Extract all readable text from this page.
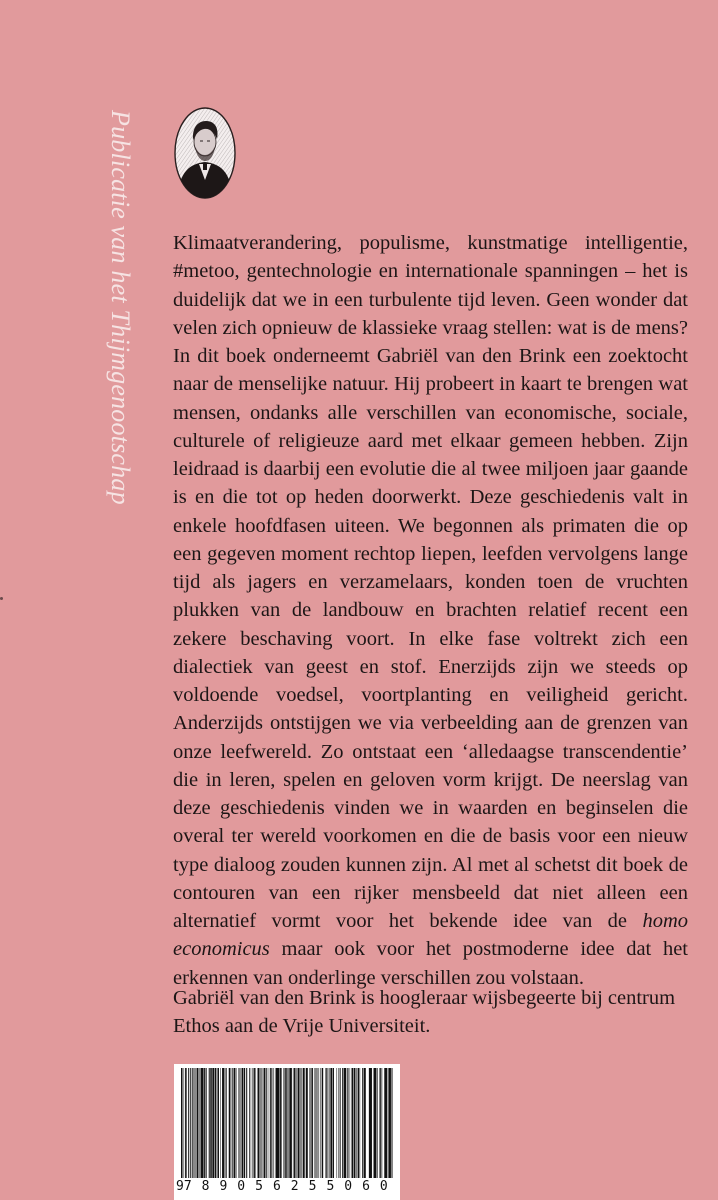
Publicatie van het Thijmgenootschap Klimaatverandering, populisme, kunstmatige intelligentie, #metoo, gentechnologie en internationale spanningen – het is duidelijk dat we in een turbulente tijd leven. Geen wonder dat velen zich opnieuw de klassieke vraag stellen: wat is de mens? In dit boek onderneemt Gabriël van den Brink een zoektocht naar de menselijke natuur. Hij probeert in kaart te brengen wat mensen, ondanks alle verschillen van economische, sociale, culturele of religieuze aard met elkaar gemeen hebben. Zijn leidraad is daarbij een evolutie die al twee miljoen jaar gaande is en die tot op heden doorwerkt. Deze geschiedenis valt in enkele hoofdfasen uiteen. We begonnen als primaten die op een gegeven moment rechtop liepen, leefden vervolgens lange tijd als jagers en verzamelaars, konden toen de vruchten plukken van de landbouw en brachten relatief recent een zekere beschaving voort. In elke fase voltrekt zich een dialectiek van geest en stof. Enerzijds zijn we steeds op voldoende voedsel, voortplanting en veiligheid gericht. Anderzijds ontstijgen we via verbeelding aan de grenzen van onze leefwereld. Zo ontstaat een ‘alledaagse transcendentie’ die in leren, spelen en geloven vorm krijgt. De neerslag van deze geschiedenis vinden we in waarden en beginselen die overal ter wereld voorkomen en die de basis voor een nieuw type dialoog zouden kunnen zijn. Al met al schetst dit boek de contouren van een rijker mensbeeld dat niet alleen een alternatief vormt voor het bekende idee van de homo economicus maar ook voor het postmoderne idee dat het erkennen van onderlinge verschillen zou volstaan.

Gabriël van den Brink is hoogleraar wijsbegeerte bij centrum Ethos aan de Vrije Universiteit.
9 789056 255060
